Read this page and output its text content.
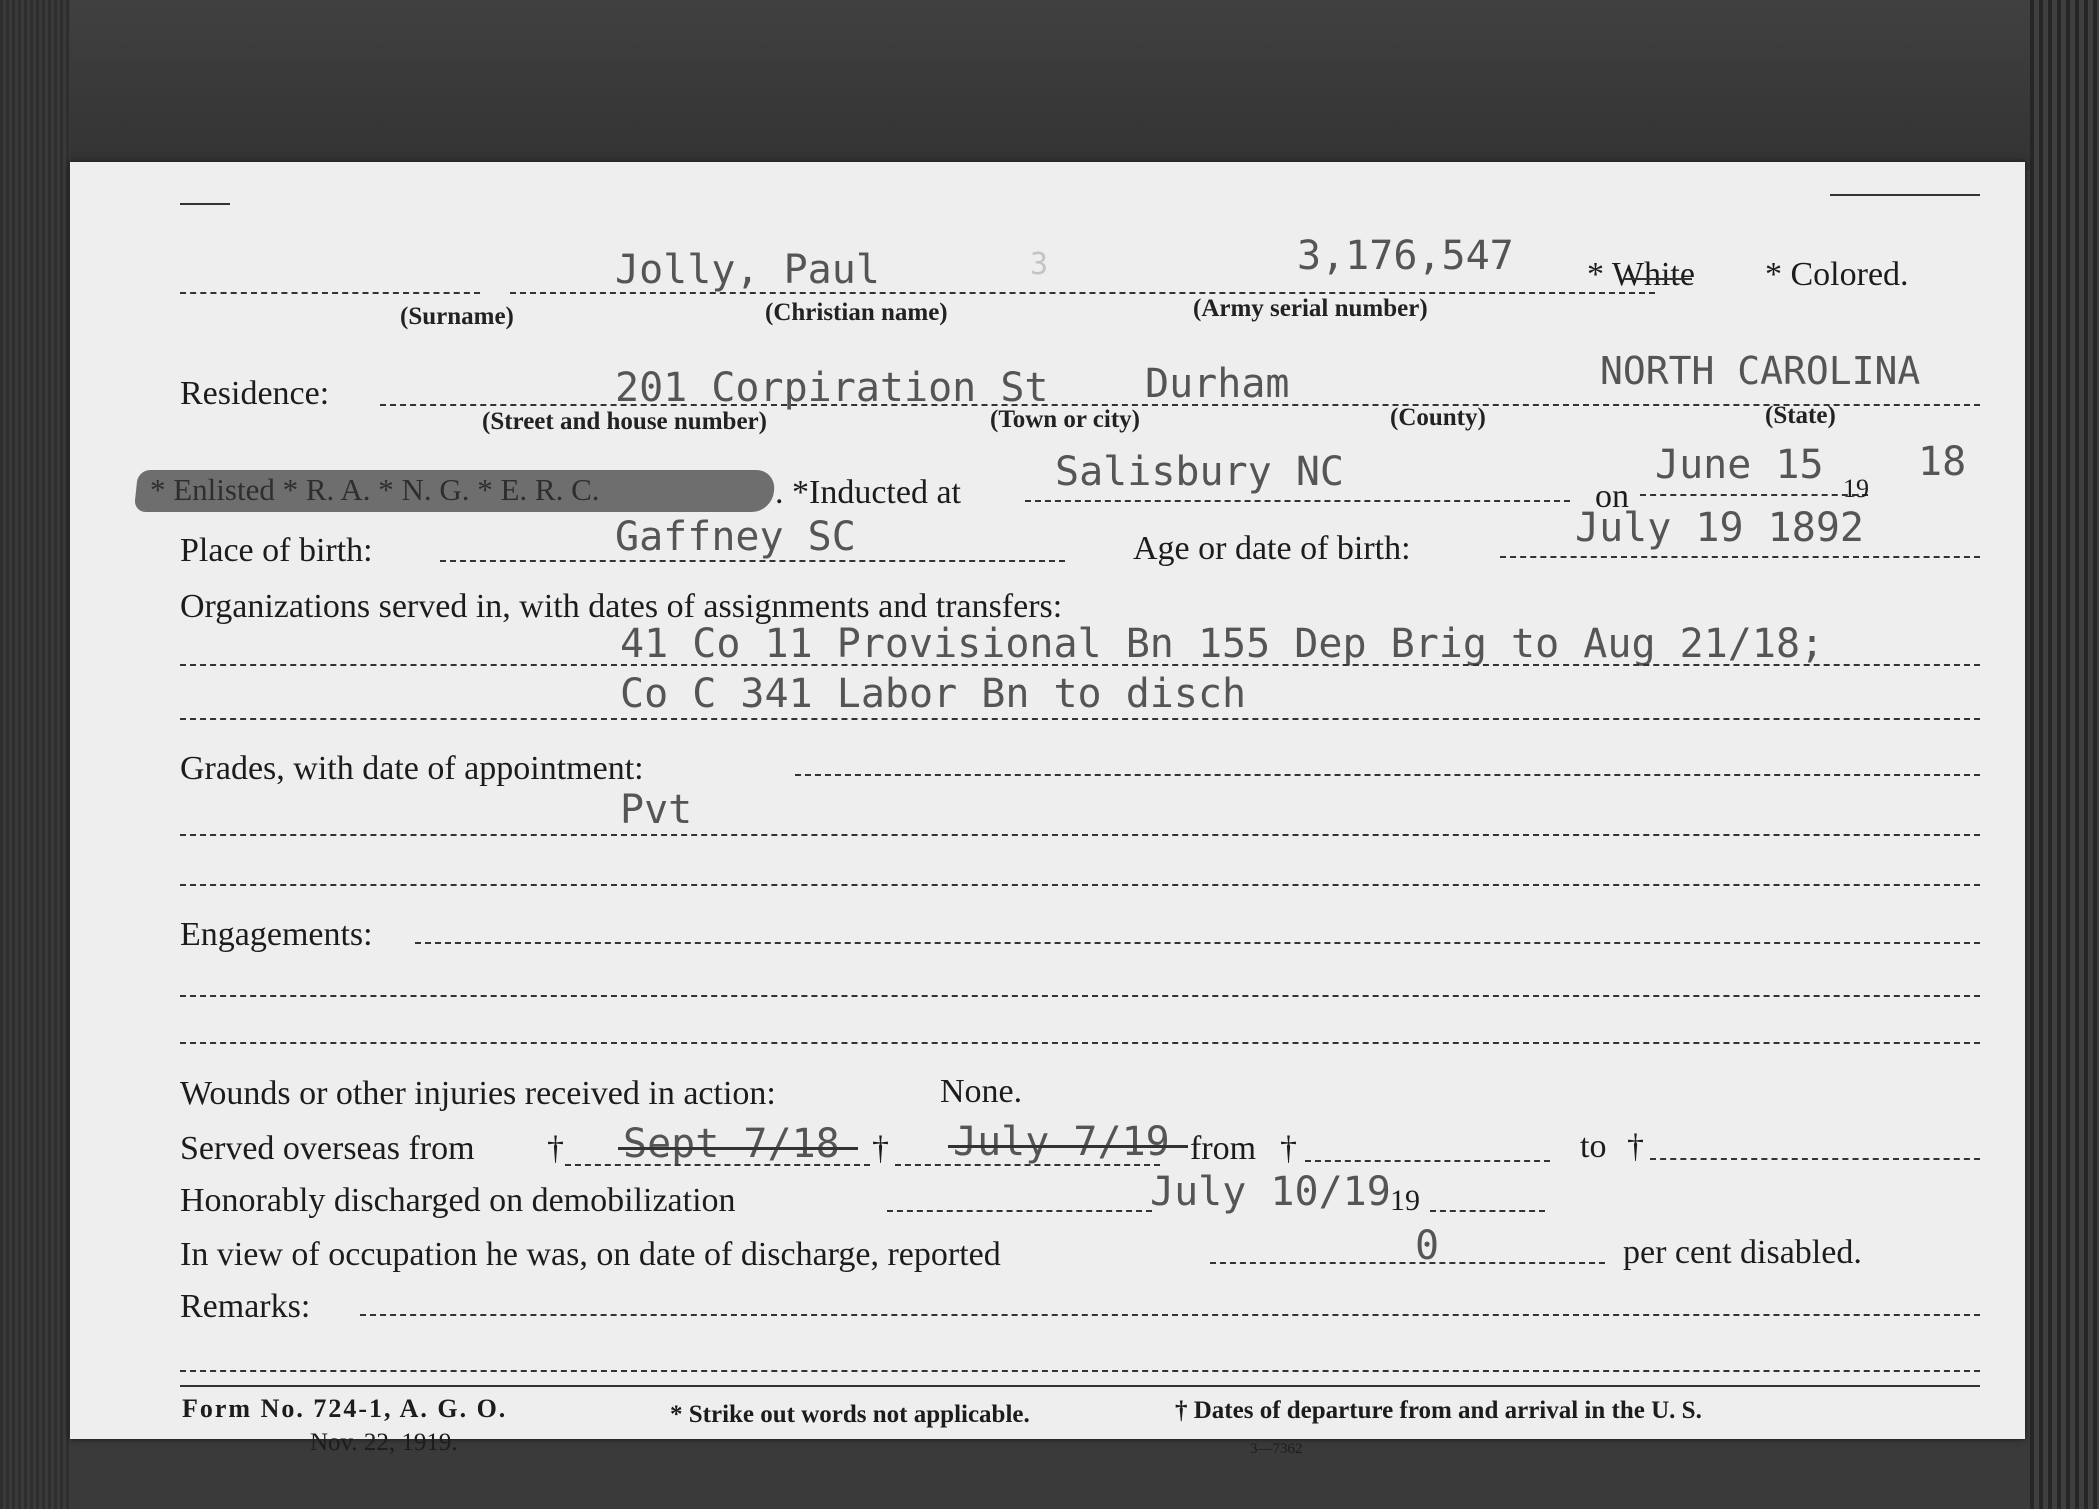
Jolly, Paul	3	3,176,547 * White * Colored.
(Surname)	(Christian name)	(Army serial number)
Residence:	201 Corpiration St Durham	NORTH CAROLINA
(Street and house number)	(Town or city)	(County)	(State)
* Enlisted * R. A. * N. G. * E. R. C.	. *Inducted at Salisbury NC
on
June 15
19
18
Place of birth:	Gaffney SC	Age or date of birth:	July 19 1892
Organizations served in, with dates of assignments and transfers:
41 Co 11 Provisional Bn 155 Dep Brig to Aug 21/18;
Co C 341 Labor Bn to disch
Grades, with date of appointment:
Pvt
Engagements:
Wounds or other injuries received in action:	None.
Served overseas from † Sept 7/18 † July 7/19 from †	to †
Honorably discharged on demobilization	July 10/19 19
In view of occupation he was, on date of discharge, reported	0	per cent disabled.
Remarks:
Form No. 724-1, A. G. O.
Nov. 22, 1919.
* Strike out words not applicable.	† Dates of departure from and arrival in the U. S.
3—7362
